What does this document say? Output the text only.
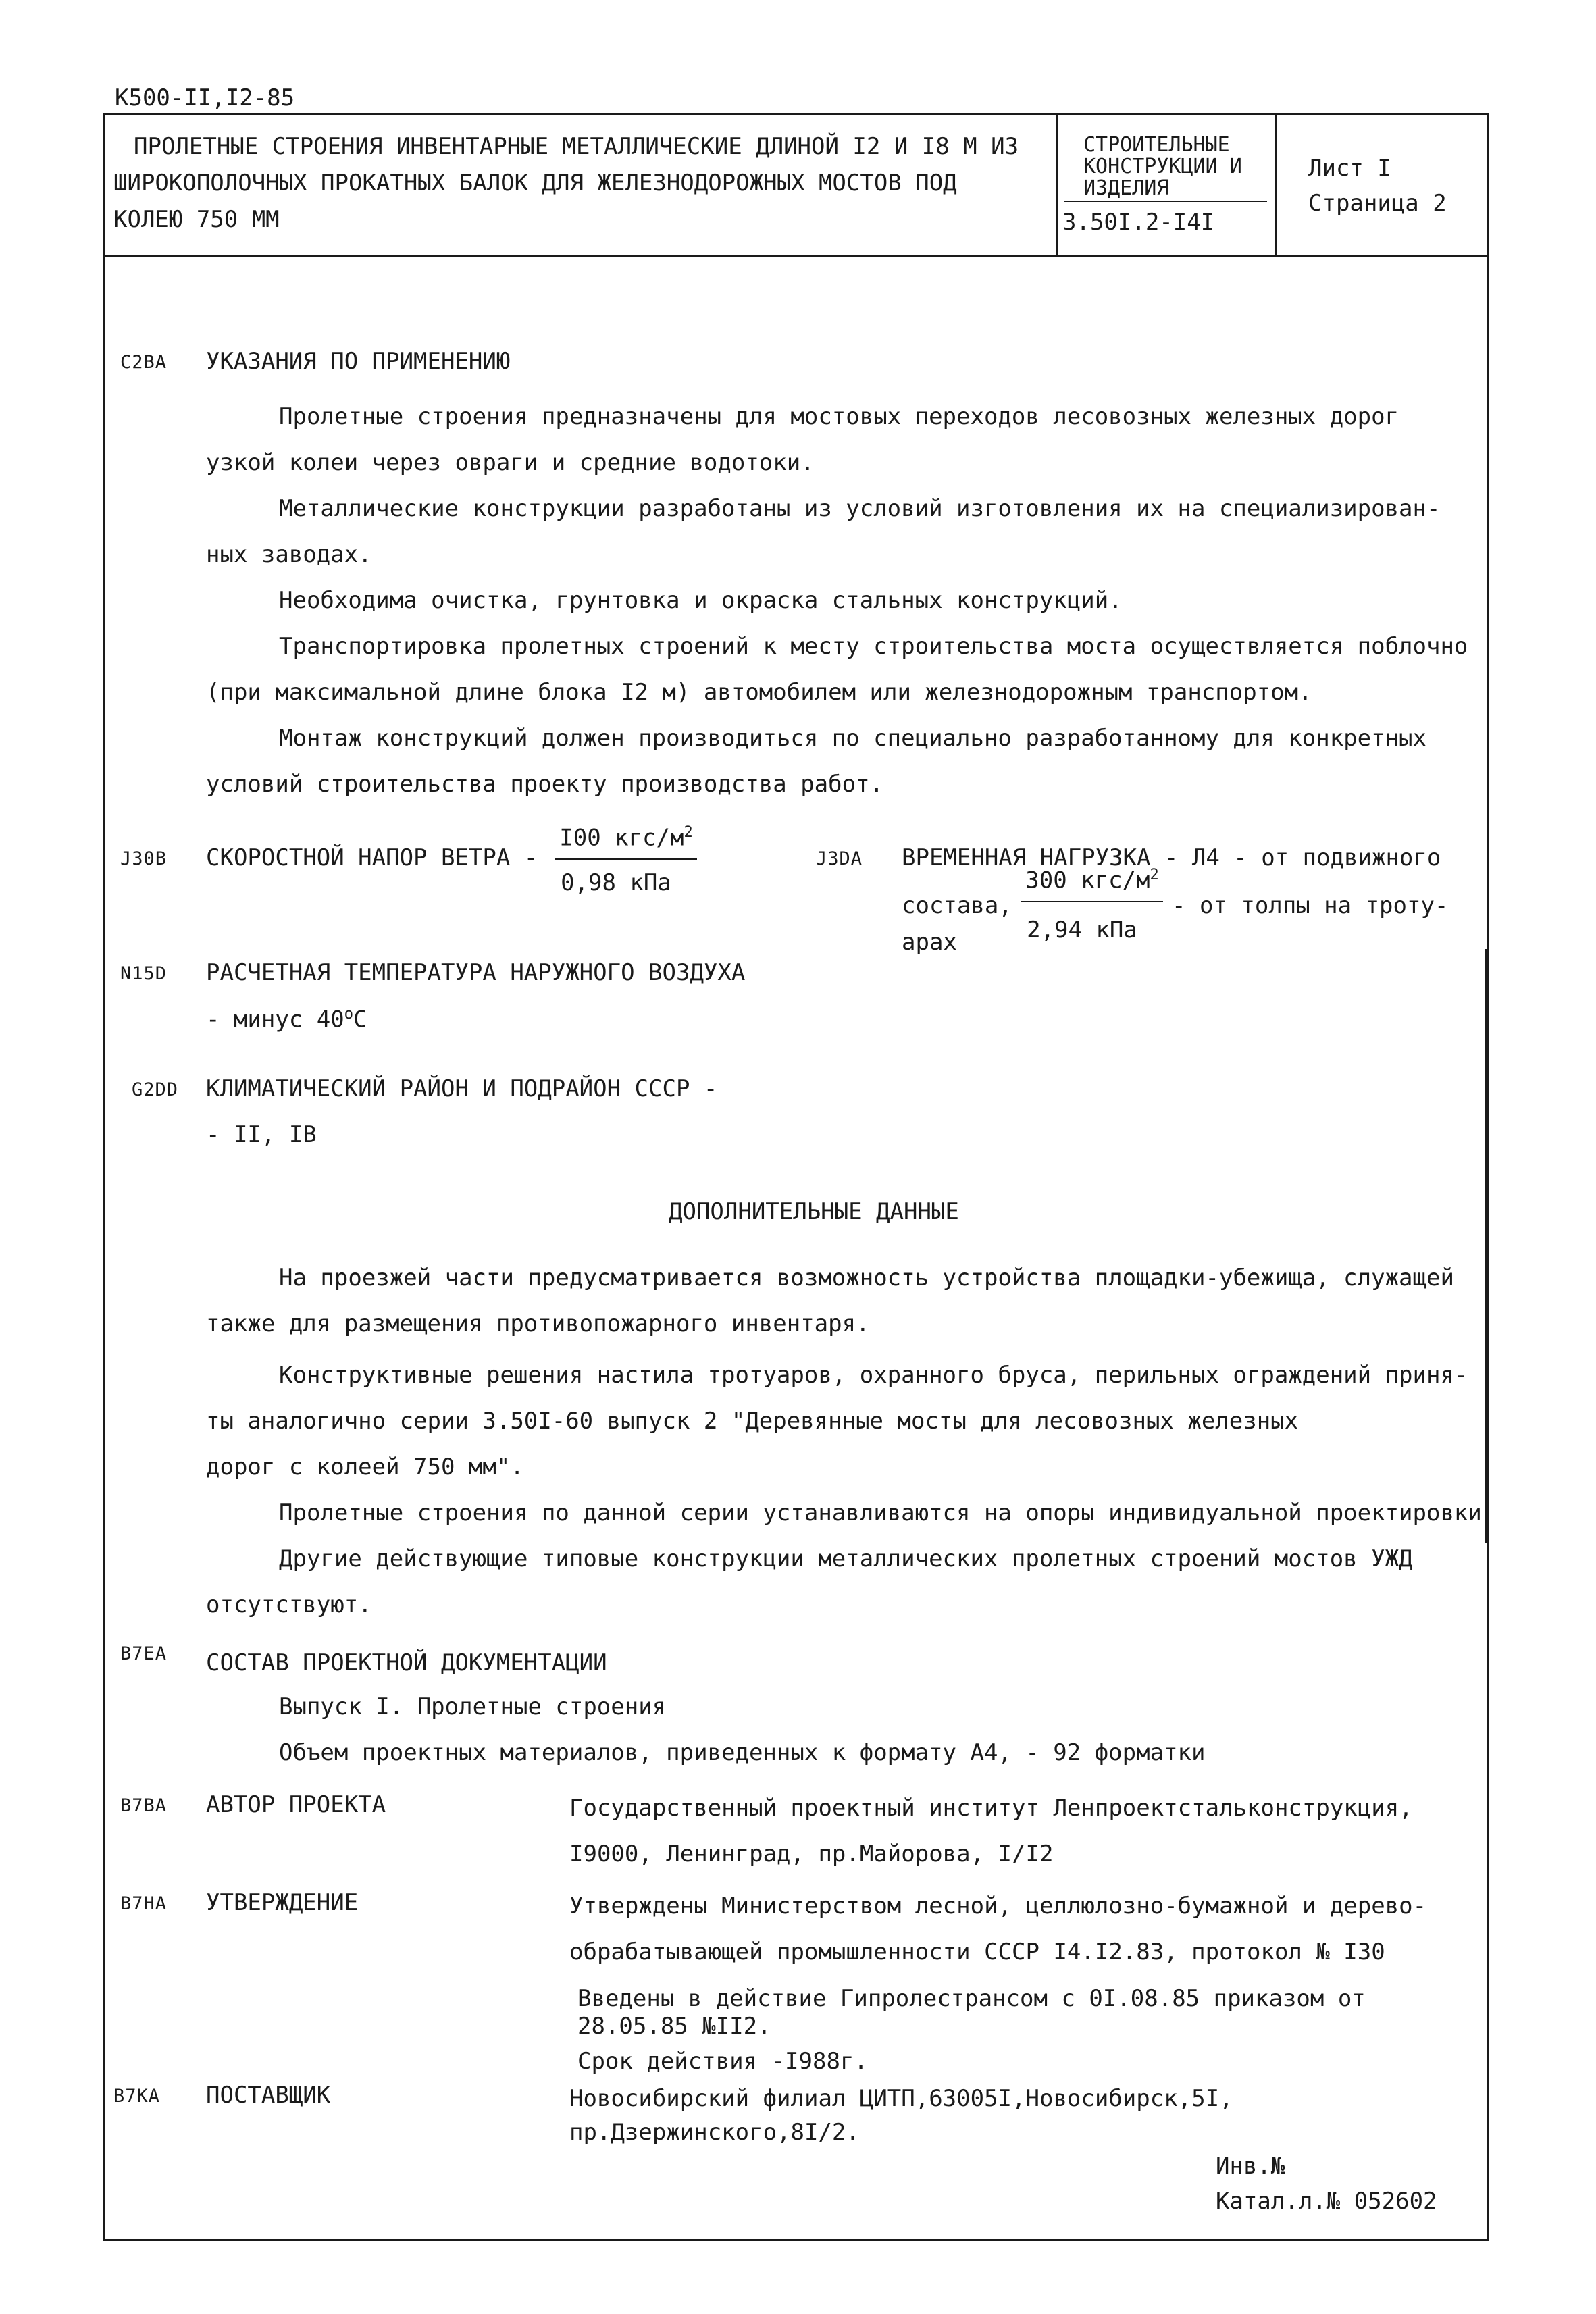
К500-II,I2-85
ПРОЛЕТНЫЕ СТРОЕНИЯ ИНВЕНТАРНЫЕ МЕТАЛЛИЧЕСКИЕ ДЛИНОЙ I2 И I8 М ИЗ
ШИРОКОПОЛОЧНЫХ ПРОКАТНЫХ БАЛОК ДЛЯ ЖЕЛЕЗНОДОРОЖНЫХ МОСТОВ ПОД
КОЛЕЮ 750 ММ
СТРОИТЕЛЬНЫЕ
КОНСТРУКЦИИ И
ИЗДЕЛИЯ
3.50I.2-I4I
Лист I
Страница 2
С2ВА УКАЗАНИЯ ПО ПРИМЕНЕНИЮ
Пролетные строения предназначены для мостовых переходов лесовозных железных дорог
узкой колеи через овраги и средние водотоки.
Металлические конструкции разработаны из условий изготовления их на специализирован-
ных заводах.
Необходима очистка, грунтовка и окраска стальных конструкций.
Транспортировка пролетных строений к месту строительства моста осуществляется поблочно
(при максимальной длине блока I2 м) автомобилем или железнодорожным транспортом.
Монтаж конструкций должен производиться по специально разработанному для конкретных
условий строительства проекту производства работ.
J30В СКОРОСТНОЙ НАПОР ВЕТРА -
I00 кгс/$м^2$
0,98 кПа
J3DА ВРЕМЕННАЯ НАГРУЗКА - Л4 - от подвижного
состава,
300 кгс/$м^2$
2,94 кПа
- от толпы на троту-
арах
N15D РАСЧЕТНАЯ ТЕМПЕРАТУРА НАРУЖНОГО ВОЗДУХА
- минус $40^оС$
G2DD КЛИМАТИЧЕСКИЙ РАЙОН И ПОДРАЙОН СССР -
- II, IВ
ДОПОЛНИТЕЛЬНЫЕ ДАННЫЕ
На проезжей части предусматривается возможность устройства площадки-убежища, служащей
также для размещения противопожарного инвентаря.
Конструктивные решения настила тротуаров, охранного бруса, перильных ограждений приня-
ты аналогично серии 3.50I-60 выпуск 2 "Деревянные мосты для лесовозных железных
дорог с колеей 750 мм".
Пролетные строения по данной серии устанавливаются на опоры индивидуальной проектировки
Другие действующие типовые конструкции металлических пролетных строений мостов УЖД
отсутствуют.
В7ЕА СОСТАВ ПРОЕКТНОЙ ДОКУМЕНТАЦИИ
Выпуск I. Пролетные строения
Объем проектных материалов, приведенных к формату А4, - 92 форматки
В7ВА АВТОР ПРОЕКТА	Государственный проектный институт Ленпроектстальконструкция,
I9000, Ленинград, пр.Майорова, I/I2
В7НА УТВЕРЖДЕНИЕ	Утверждены Министерством лесной, целлюлозно-бумажной и дерево-
обрабатывающей промышленности СССР I4.I2.83, протокол № I30
Введены в действие Гипролестрансом с 0I.08.85 приказом от
28.05.85 №II2.
Срок действия -I988г.
В7КА ПОСТАВЩИК	Новосибирский филиал ЦИТП,63005I,Новосибирск,5I,
пр.Дзержинского,8I/2.
Инв.№
Катал.л.№ 052602
